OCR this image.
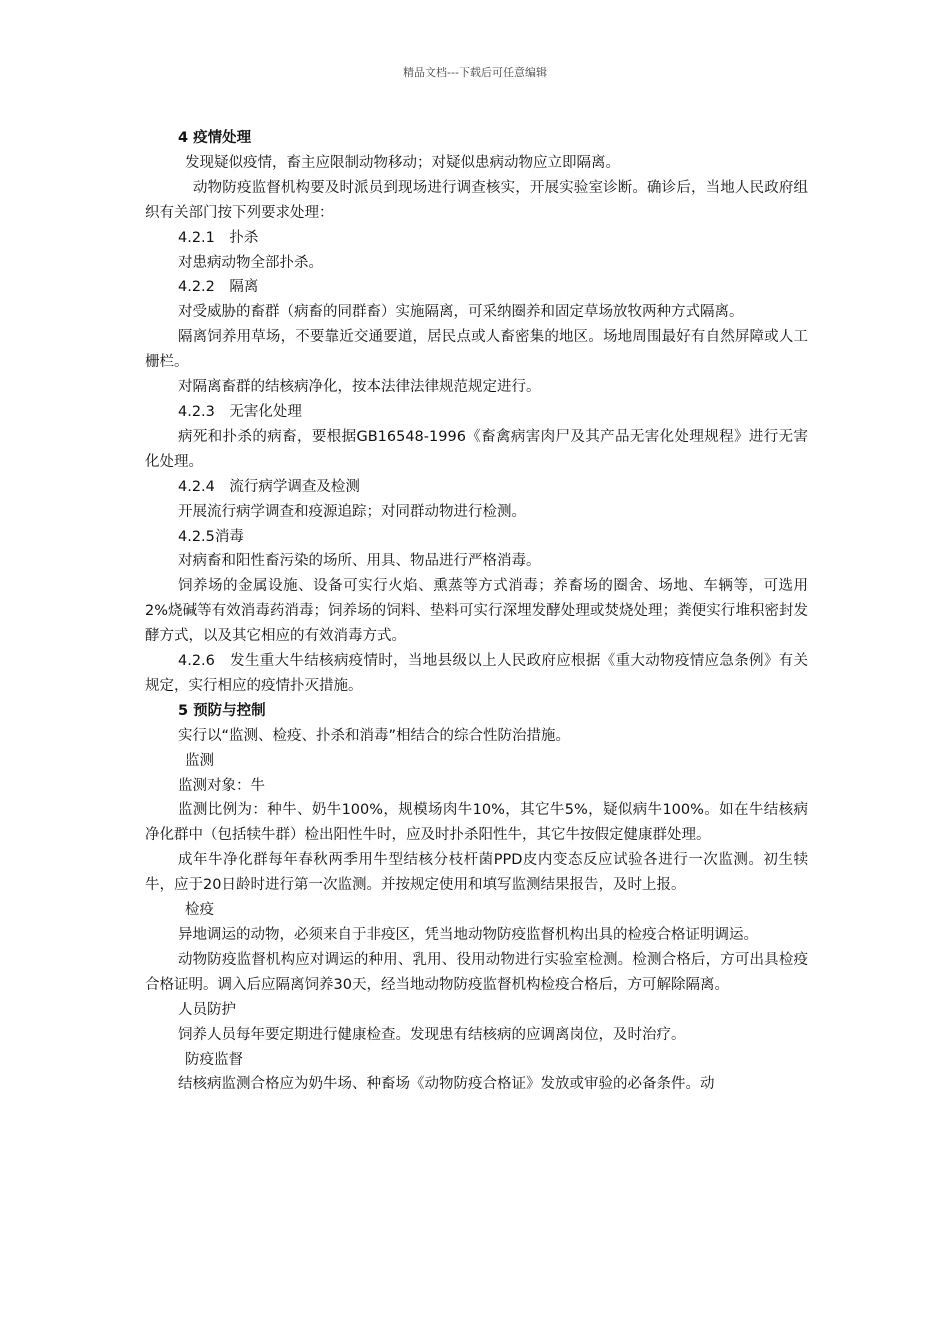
精品文档---下载后可任意编辑

4 疫情处理

发现疑似疫情，畜主应限制动物移动；对疑似患病动物应立即隔离。

动物防疫监督机构要及时派员到现场进行调查核实，开展实验室诊断。确诊后，当地人民政府组织有关部门按下列要求处理：

4.2.1　扑杀

对患病动物全部扑杀。

4.2.2　隔离

对受威胁的畜群（病畜的同群畜）实施隔离，可采纳圈养和固定草场放牧两种方式隔离。

隔离饲养用草场，不要靠近交通要道，居民点或人畜密集的地区。场地周围最好有自然屏障或人工栅栏。

对隔离畜群的结核病净化，按本法律法律规范规定进行。

4.2.3　无害化处理

病死和扑杀的病畜，要根据GB16548-1996《畜禽病害肉尸及其产品无害化处理规程》进行无害化处理。

4.2.4　流行病学调查及检测

开展流行病学调查和疫源追踪；对同群动物进行检测。

4.2.5消毒

对病畜和阳性畜污染的场所、用具、物品进行严格消毒。

饲养场的金属设施、设备可实行火焰、熏蒸等方式消毒；养畜场的圈舍、场地、车辆等，可选用2%烧碱等有效消毒药消毒；饲养场的饲料、垫料可实行深埋发酵处理或焚烧处理；粪便实行堆积密封发酵方式，以及其它相应的有效消毒方式。

4.2.6　发生重大牛结核病疫情时，当地县级以上人民政府应根据《重大动物疫情应急条例》有关规定，实行相应的疫情扑灭措施。

5 预防与控制

实行以“监测、检疫、扑杀和消毒”相结合的综合性防治措施。

监测

监测对象：牛

监测比例为：种牛、奶牛100%，规模场肉牛10%，其它牛5%，疑似病牛100%。如在牛结核病净化群中（包括犊牛群）检出阳性牛时，应及时扑杀阳性牛，其它牛按假定健康群处理。

成年牛净化群每年春秋两季用牛型结核分枝杆菌PPD皮内变态反应试验各进行一次监测。初生犊牛，应于20日龄时进行第一次监测。并按规定使用和填写监测结果报告，及时上报。

检疫

异地调运的动物，必须来自于非疫区，凭当地动物防疫监督机构出具的检疫合格证明调运。

动物防疫监督机构应对调运的种用、乳用、役用动物进行实验室检测。检测合格后，方可出具检疫合格证明。调入后应隔离饲养30天，经当地动物防疫监督机构检疫合格后，方可解除隔离。

人员防护

饲养人员每年要定期进行健康检查。发现患有结核病的应调离岗位，及时治疗。

防疫监督

结核病监测合格应为奶牛场、种畜场《动物防疫合格证》发放或审验的必备条件。动
